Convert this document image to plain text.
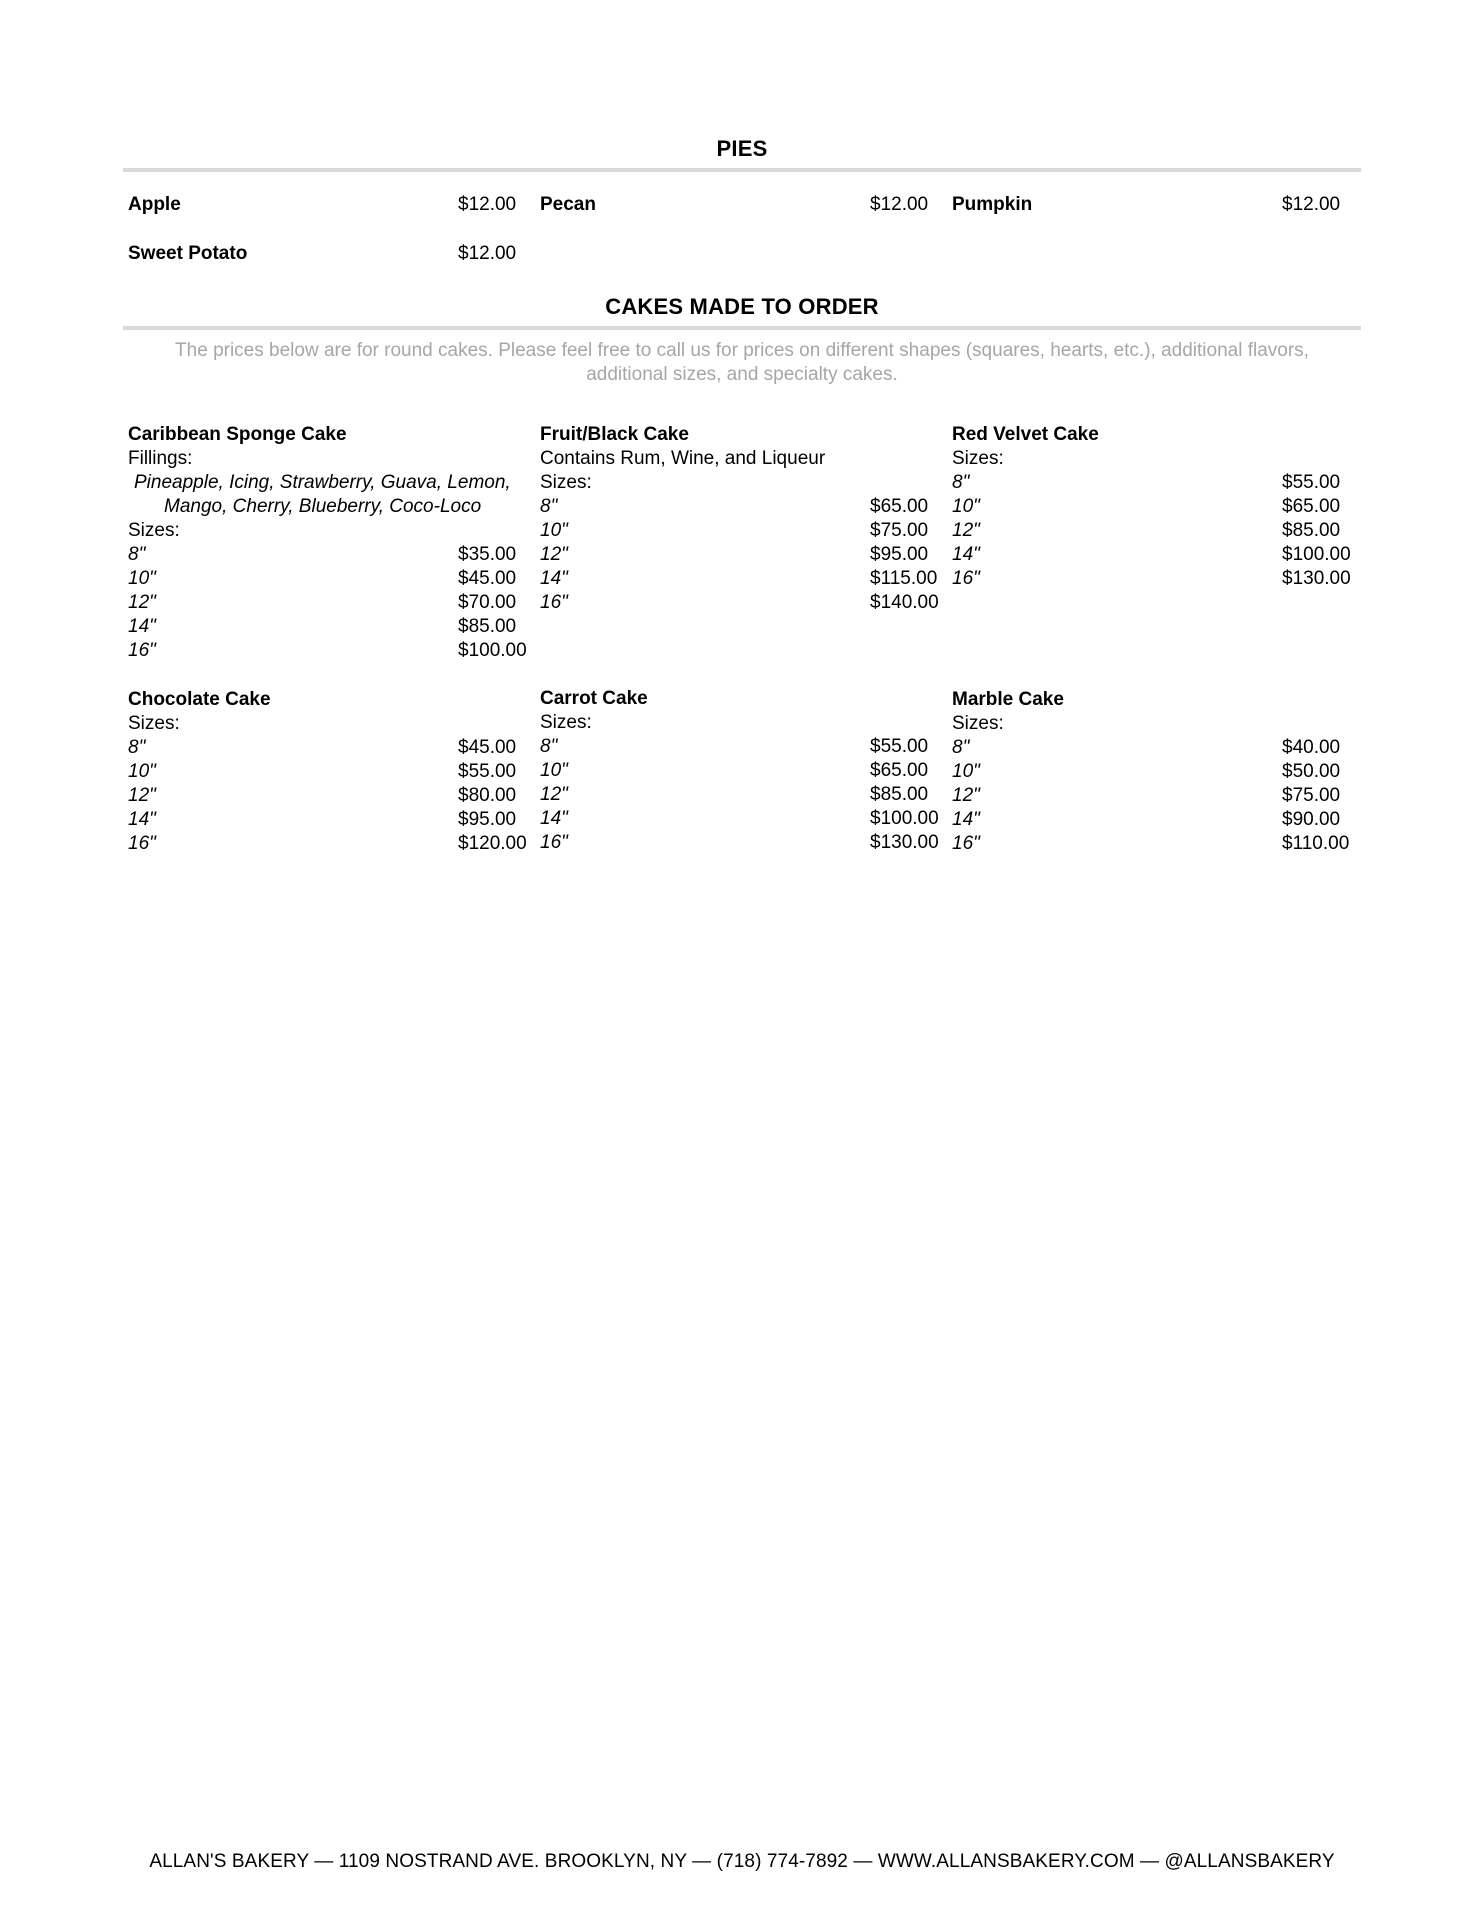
PIES
Apple	$12.00 Pecan	$12.00 Pumpkin	$12.00
Sweet Potato	$12.00
CAKES MADE TO ORDER
The prices below are for round cakes. Please feel free to call us for prices on different shapes (squares, hearts, etc.), additional flavors,
additional sizes, and specialty cakes.
Caribbean Sponge Cake
Fillings:
Pineapple, Icing, Strawberry, Guava, Lemon,
Mango, Cherry, Blueberry, Coco-Loco
Sizes:
8"	$35.00
10"	$45.00
12"	$70.00
14"	$85.00
16"	$100.00
Fruit/Black Cake
Contains Rum, Wine, and Liqueur
Sizes:
8"	$65.00
10"	$75.00
12"	$95.00
14"	$115.00
16"	$140.00
Red Velvet Cake
Sizes:
8"	$55.00
10"	$65.00
12"	$85.00
14"	$100.00
16"	$130.00
Chocolate Cake
Sizes:
8"	$45.00
10"	$55.00
12"	$80.00
14"	$95.00
16"	$120.00
Carrot Cake
Sizes:
8"	$55.00
10"	$65.00
12"	$85.00
14"	$100.00
16"	$130.00
Marble Cake
Sizes:
8"	$40.00
10"	$50.00
12"	$75.00
14"	$90.00
16"	$110.00
ALLAN'S BAKERY — 1109 NOSTRAND AVE. BROOKLYN, NY — (718) 774-7892 — WWW.ALLANSBAKERY.COM — @ALLANSBAKERY
